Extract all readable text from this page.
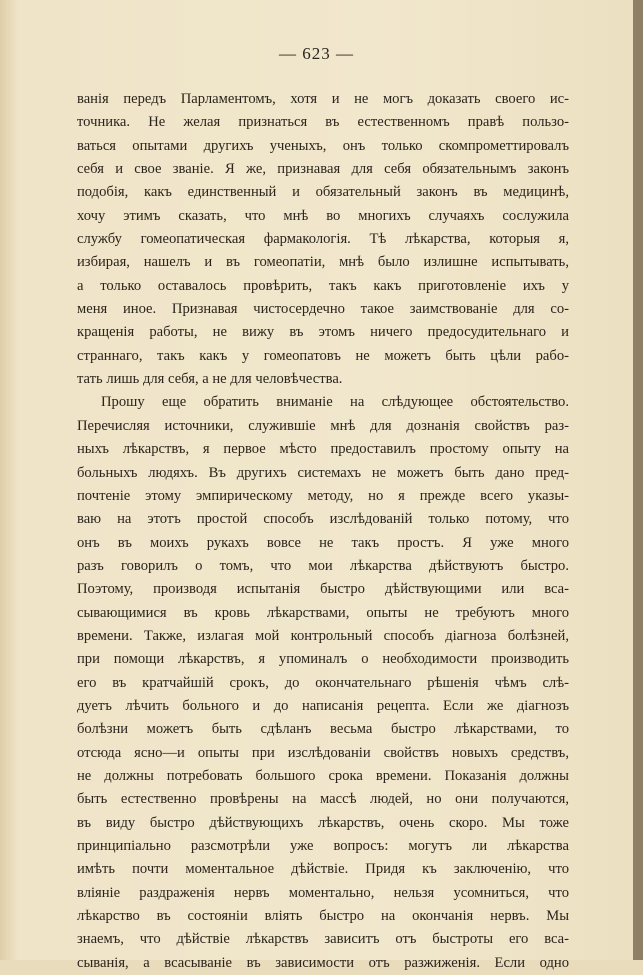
— 623 —
ванія передъ Парламентомъ, хотя и не могъ доказать своего ис-
точника. Не желая признаться въ естественномъ правѣ пользо-
ваться опытами другихъ ученыхъ, онъ только скомпрометтировалъ
себя и свое званіе. Я же, признавая для себя обязательнымъ законъ
подобія, какъ единственный и обязательный законъ въ медицинѣ,
хочу этимъ сказать, что мнѣ во многихъ случаяхъ сослужила
службу гомеопатическая фармакологія. Тѣ лѣкарства, которыя я,
избирая, нашелъ и въ гомеопатіи, мнѣ было излишне испытывать,
а только оставалось провѣрить, такъ какъ приготовленіе ихъ у
меня иное. Признавая чистосердечно такое заимствованіе для со-
кращенія работы, не вижу въ этомъ ничего предосудительнаго и
страннаго, такъ какъ у гомеопатовъ не можетъ быть цѣли рабо-
тать лишь для себя, а не для человѣчества.
Прошу еще обратить вниманіе на слѣдующее обстоятельство.
Перечисляя источники, служившіе мнѣ для дознанія свойствъ раз-
ныхъ лѣкарствъ, я первое мѣсто предоставилъ простому опыту на
больныхъ людяхъ. Въ другихъ системахъ не можетъ быть дано пред-
почтеніе этому эмпирическому методу, но я прежде всего указы-
ваю на этотъ простой способъ изслѣдованій только потому, что
онъ въ моихъ рукахъ вовсе не такъ простъ. Я уже много
разъ говорилъ о томъ, что мои лѣкарства дѣйствуютъ быстро.
Поэтому, производя испытанія быстро дѣйствующими или вса-
сывающимися въ кровь лѣкарствами, опыты не требуютъ много
времени. Также, излагая мой контрольный способъ діагноза болѣзней,
при помощи лѣкарствъ, я упоминалъ о необходимости производить
его въ кратчайшій срокъ, до окончательнаго рѣшенія чѣмъ слѣ-
дуетъ лѣчить больного и до написанія рецепта. Если же діагнозъ
болѣзни можетъ быть сдѣланъ весьма быстро лѣкарствами, то
отсюда ясно—и опыты при изслѣдованіи свойствъ новыхъ средствъ,
не должны потребовать большого срока времени. Показанія должны
быть естественно провѣрены на массѣ людей, но они получаются,
въ виду быстро дѣйствующихъ лѣкарствъ, очень скоро. Мы тоже
принципіально разсмотрѣли уже вопросъ: могутъ ли лѣкарства
имѣть почти моментальное дѣйствіе. Придя къ заключенію, что
вліяніе раздраженія нервъ моментально, нельзя усомниться, что
лѣкарство въ состояніи вліять быстро на окончанія нервъ. Мы
знаемъ, что дѣйствіе лѣкарствъ зависитъ отъ быстроты его вса-
сыванія, а всасываніе въ зависимости отъ разжиженія. Если одно
